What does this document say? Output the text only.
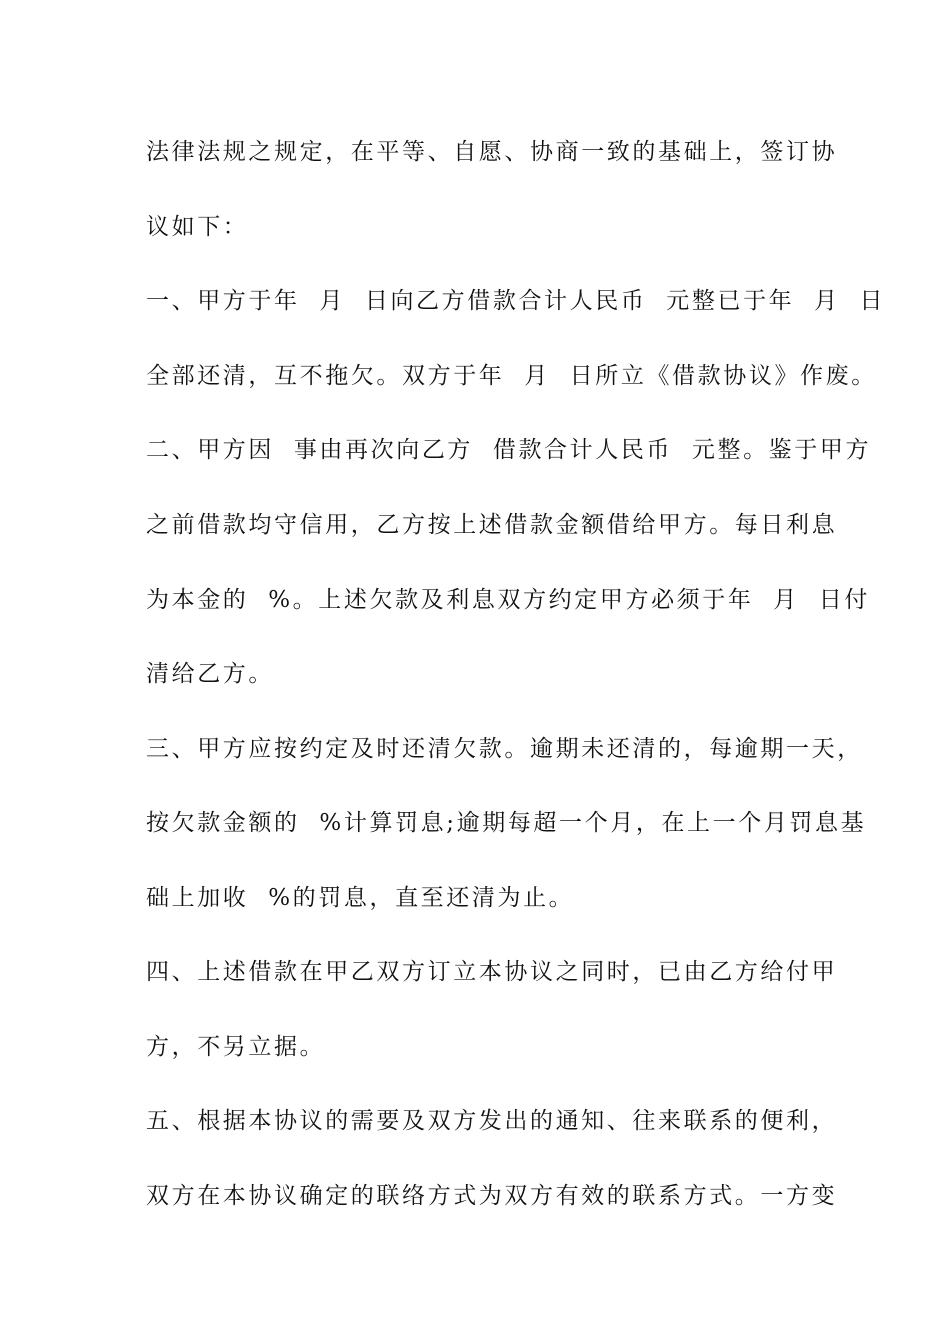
法律法规之规定，在平等、自愿、协商一致的基础上，签订协
议如下：
一、甲方于年  月  日向乙方借款合计人民币  元整已于年  月  日
全部还清，互不拖欠。双方于年  月  日所立《借款协议》作废。
二、甲方因  事由再次向乙方  借款合计人民币  元整。鉴于甲方
之前借款均守信用，乙方按上述借款金额借给甲方。每日利息
为本金的  %。上述欠款及利息双方约定甲方必须于年  月  日付
清给乙方。
三、甲方应按约定及时还清欠款。逾期未还清的，每逾期一天，
按欠款金额的  %计算罚息;逾期每超一个月，在上一个月罚息基
础上加收  %的罚息，直至还清为止。
四、上述借款在甲乙双方订立本协议之同时，已由乙方给付甲
方，不另立据。
五、根据本协议的需要及双方发出的通知、往来联系的便利，
双方在本协议确定的联络方式为双方有效的联系方式。一方变
